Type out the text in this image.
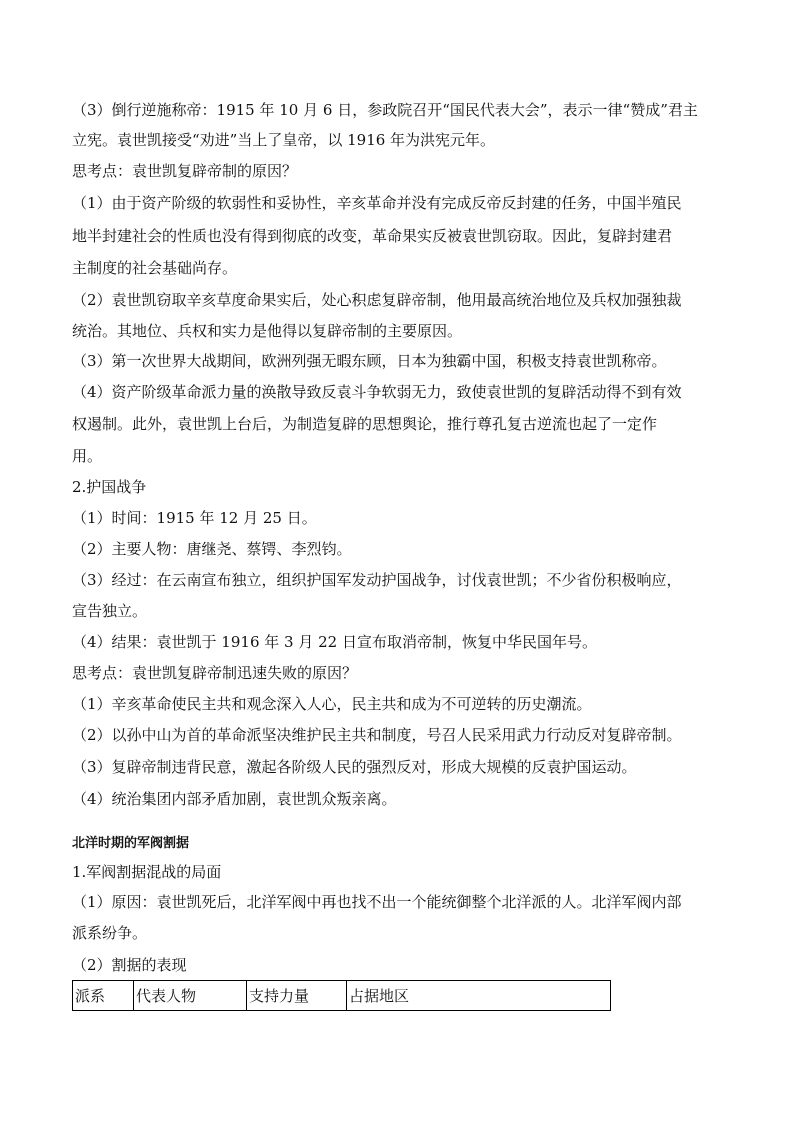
（3）倒行逆施称帝：1915 年 10 月 6 日，参政院召开“国民代表大会”，表示一律“赞成”君主
立宪。袁世凯接受“劝进”当上了皇帝，以 1916 年为洪宪元年。
思考点：袁世凯复辟帝制的原因？
（1）由于资产阶级的软弱性和妥协性，辛亥革命并没有完成反帝反封建的任务，中国半殖民
地半封建社会的性质也没有得到彻底的改变，革命果实反被袁世凯窃取。因此，复辟封建君
主制度的社会基础尚存。
（2）袁世凯窃取辛亥草度命果实后，处心积虑复辟帝制，他用最高统治地位及兵权加强独裁
统治。其地位、兵权和实力是他得以复辟帝制的主要原因。
（3）第一次世界大战期间，欧洲列强无暇东顾，日本为独霸中国，积极支持袁世凯称帝。
（4）资产阶级革命派力量的涣散导致反袁斗争软弱无力，致使袁世凯的复辟活动得不到有效
权遏制。此外，袁世凯上台后，为制造复辟的思想舆论，推行尊孔复古逆流也起了一定作
用。
2.护国战争
（1）时间：1915 年 12 月 25 日。
（2）主要人物：唐继尧、蔡锷、李烈钧。
（3）经过：在云南宣布独立，组织护国军发动护国战争，讨伐袁世凯；不少省份积极响应，
宣告独立。
（4）结果：袁世凯于 1916 年 3 月 22 日宣布取消帝制，恢复中华民国年号。
思考点：袁世凯复辟帝制迅速失败的原因？
（1）辛亥革命使民主共和观念深入人心，民主共和成为不可逆转的历史潮流。
（2）以孙中山为首的革命派坚决维护民主共和制度，号召人民采用武力行动反对复辟帝制。
（3）复辟帝制违背民意，激起各阶级人民的强烈反对，形成大规模的反袁护国运动。
（4）统治集团内部矛盾加剧，袁世凯众叛亲离。
北洋时期的军阀割据
1.军阀割据混战的局面
（1）原因：袁世凯死后，北洋军阀中再也找不出一个能统御整个北洋派的人。北洋军阀内部
派系纷争。
（2）割据的表现
派系	代表人物	支持力量	占据地区
